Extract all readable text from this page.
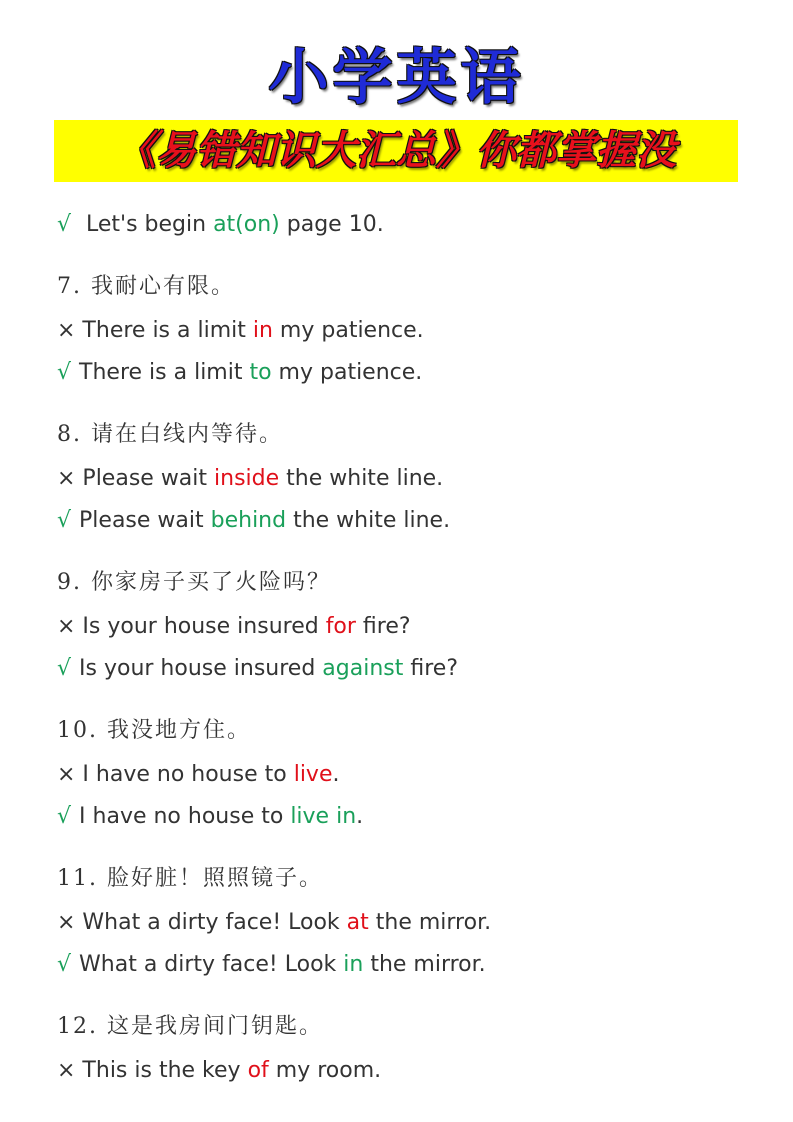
小学英语
《易错知识大汇总》你都掌握没
√ Let's begin at(on) page 10.
7. 我耐心有限。
× There is a limit in my patience.
√ There is a limit to my patience.
8. 请在白线内等待。
× Please wait inside the white line.
√ Please wait behind the white line.
9. 你家房子买了火险吗？
× Is your house insured for fire?
√ Is your house insured against fire?
10. 我没地方住。
× I have no house to live.
√ I have no house to live in.
11. 脸好脏！照照镜子。
× What a dirty face! Look at the mirror.
√ What a dirty face! Look in the mirror.
12. 这是我房间门钥匙。
× This is the key of my room.
